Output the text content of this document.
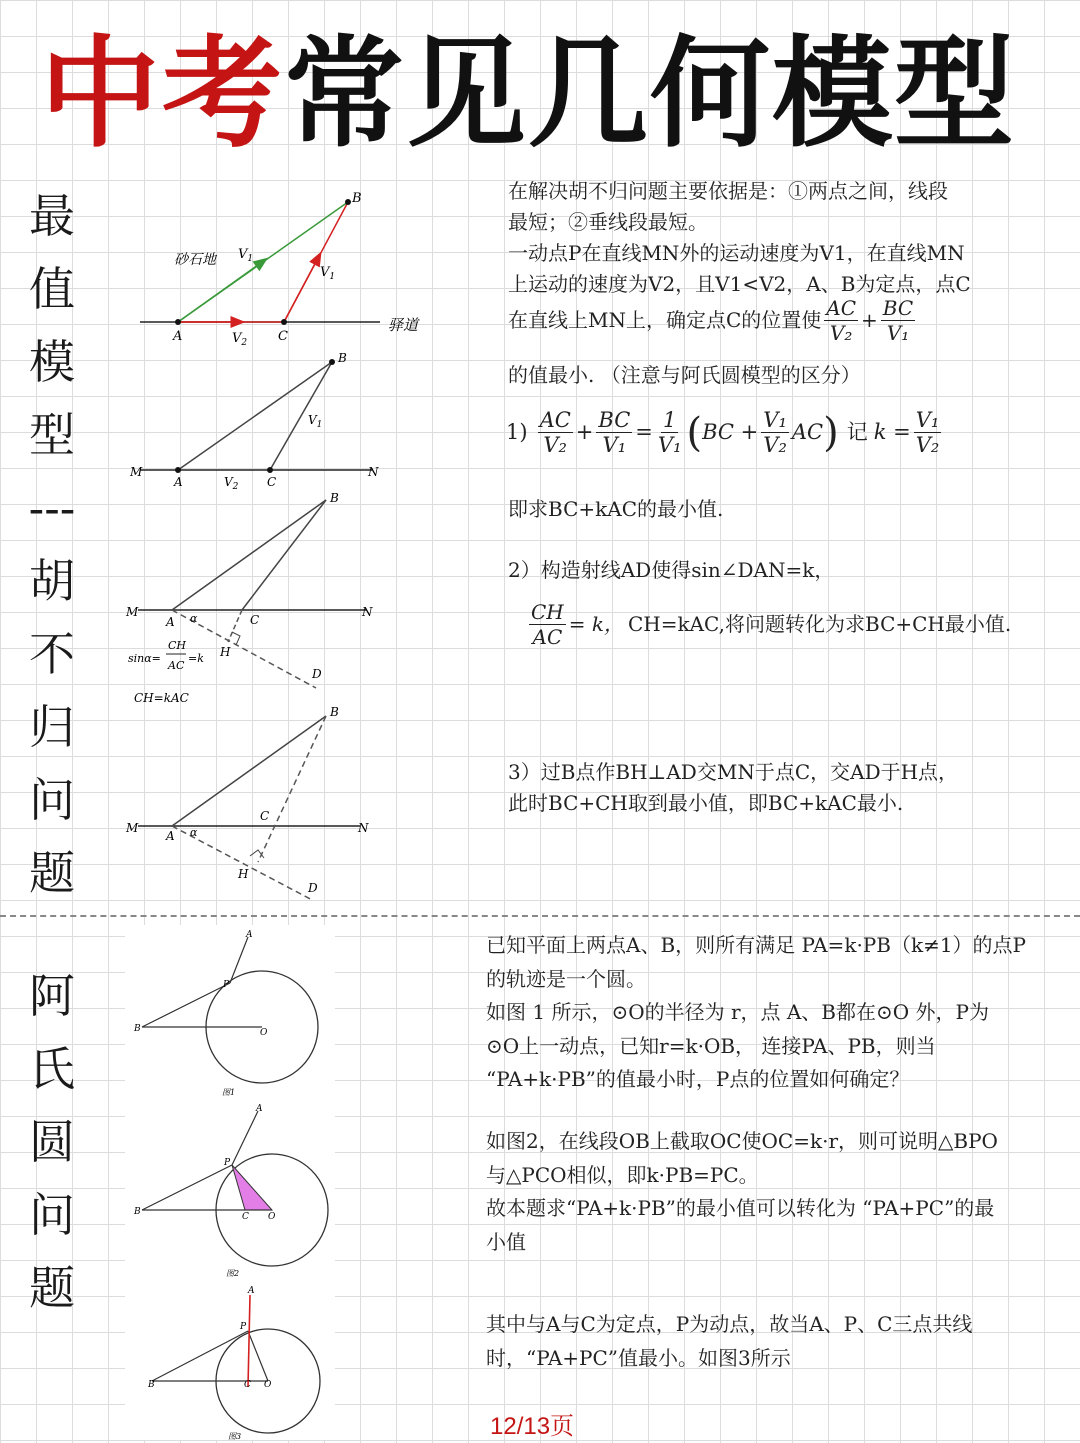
中考常见几何模型
最
值
模
型
---
胡
不
归
问
题
A	C
B
$V_2$
$V_1$
$V_1$
砂石地
驿道
M	N
A	C
B
$V_1$
$V_2$
M	N
A α	C
H
D
B
sinα=
CH
AC
=k
CH=kAC
M	N
A α
C
H
D
B

在解决胡不归问题主要依据是：①两点之间，线段

最短；②垂线段最短。

一动点P在直线MN外的运动速度为V1，在直线MN

上运动的速度为V2，且V1<V2，A、B为定点，点C

在直线上MN上，确定点C的位置使 $\frac{AC}{\text{V₂}} + \frac{BC}{\text{V₁}}$

的值最小. （注意与阿氏圆模型的区分）

$1) \frac{AC}{\text{V₂}} + \frac{BC}{\text{V₁}} = \frac{1}{\text{V₁}}$ ( BC + $\frac{\text{V₁}}{\text{V₂}}$ AC ) 记 $k = \frac{\text{V₁}}{\text{V₂}}$

即求BC+kAC的最小值.

2）构造射线AD使得sin∠DAN=k，

$\frac{CH}{AC} = k$， CH=kAC,将问题转化为求BC+CH最小值.

3）过B点作BH⊥AD交MN于点C，交AD于H点，

此时BC+CH取到最小值，即BC+kAC最小.

阿
氏
圆
问
题
A
P
B	O
图1
A
P
B	C O
图2
A
P
B	C O
图3

已知平面上两点A、B，则所有满足 PA=k·PB（k≠1）的点P

的轨迹是一个圆。

如图 1 所示，⊙O的半径为 r，点 A、B都在⊙O 外，P为

⊙O上一动点，已知r=k·OB， 连接PA、PB，则当

“PA+k·PB”的值最小时，P点的位置如何确定？

如图2，在线段OB上截取OC使OC=k·r，则可说明△BPO

与△PCO相似，即k·PB=PC。

故本题求“PA+k·PB”的最小值可以转化为 “PA+PC”的最

小值

其中与A与C为定点，P为动点，故当A、P、C三点共线

时，“PA+PC”值最小。如图3所示

12/13页
